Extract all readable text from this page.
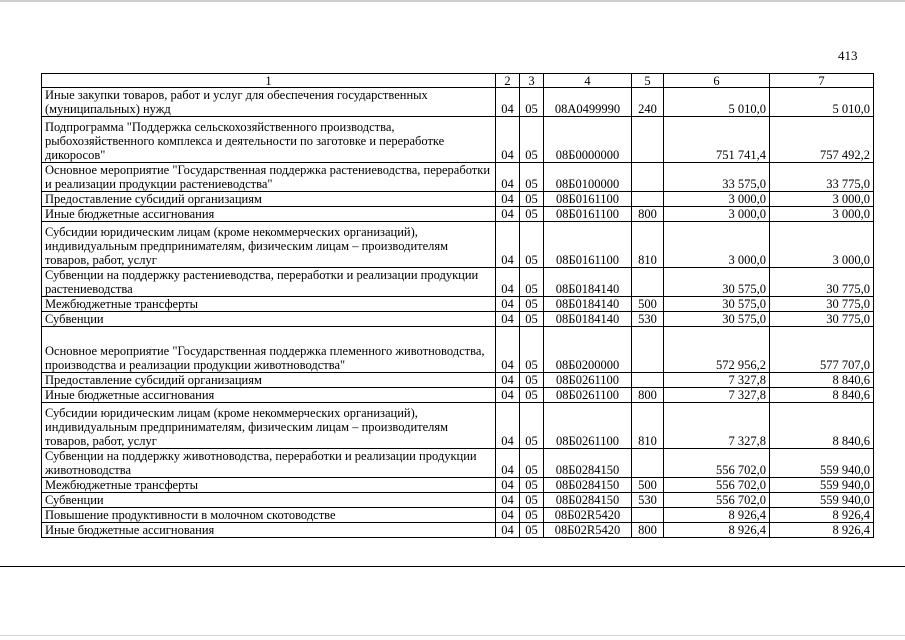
413
1	2	3	4	5	6	7
Иные закупки товаров, работ и услуг для обеспечения государственных (муниципальных) нужд	04	05	08А0499990	240	5 010,0	5 010,0
Подпрограмма "Поддержка сельскохозяйственного производства, рыбохозяйственного комплекса и деятельности по заготовке и переработке дикоросов"	04	05	08Б0000000		751 741,4	757 492,2
Основное мероприятие "Государственная поддержка растениеводства, переработки и реализации продукции растениеводства"	04	05	08Б0100000		33 575,0	33 775,0
Предоставление субсидий организациям	04	05	08Б0161100		3 000,0	3 000,0
Иные бюджетные ассигнования	04	05	08Б0161100	800	3 000,0	3 000,0
Субсидии юридическим лицам (кроме некоммерческих организаций), индивидуальным предпринимателям, физическим лицам – производителям товаров, работ, услуг	04	05	08Б0161100	810	3 000,0	3 000,0
Субвенции на поддержку растениеводства, переработки и реализации продукции растениеводства	04	05	08Б0184140		30 575,0	30 775,0
Межбюджетные трансферты	04	05	08Б0184140	500	30 575,0	30 775,0
Субвенции	04	05	08Б0184140	530	30 575,0	30 775,0
Основное мероприятие "Государственная поддержка племенного животноводства, производства и реализации продукции животноводства"	04	05	08Б0200000		572 956,2	577 707,0
Предоставление субсидий организациям	04	05	08Б0261100		7 327,8	8 840,6
Иные бюджетные ассигнования	04	05	08Б0261100	800	7 327,8	8 840,6
Субсидии юридическим лицам (кроме некоммерческих организаций), индивидуальным предпринимателям, физическим лицам – производителям товаров, работ, услуг	04	05	08Б0261100	810	7 327,8	8 840,6
Субвенции на поддержку животноводства, переработки и реализации продукции животноводства	04	05	08Б0284150		556 702,0	559 940,0
Межбюджетные трансферты	04	05	08Б0284150	500	556 702,0	559 940,0
Субвенции	04	05	08Б0284150	530	556 702,0	559 940,0
Повышение продуктивности в молочном скотоводстве	04	05	08Б02R5420		8 926,4	8 926,4
Иные бюджетные ассигнования	04	05	08Б02R5420	800	8 926,4	8 926,4
